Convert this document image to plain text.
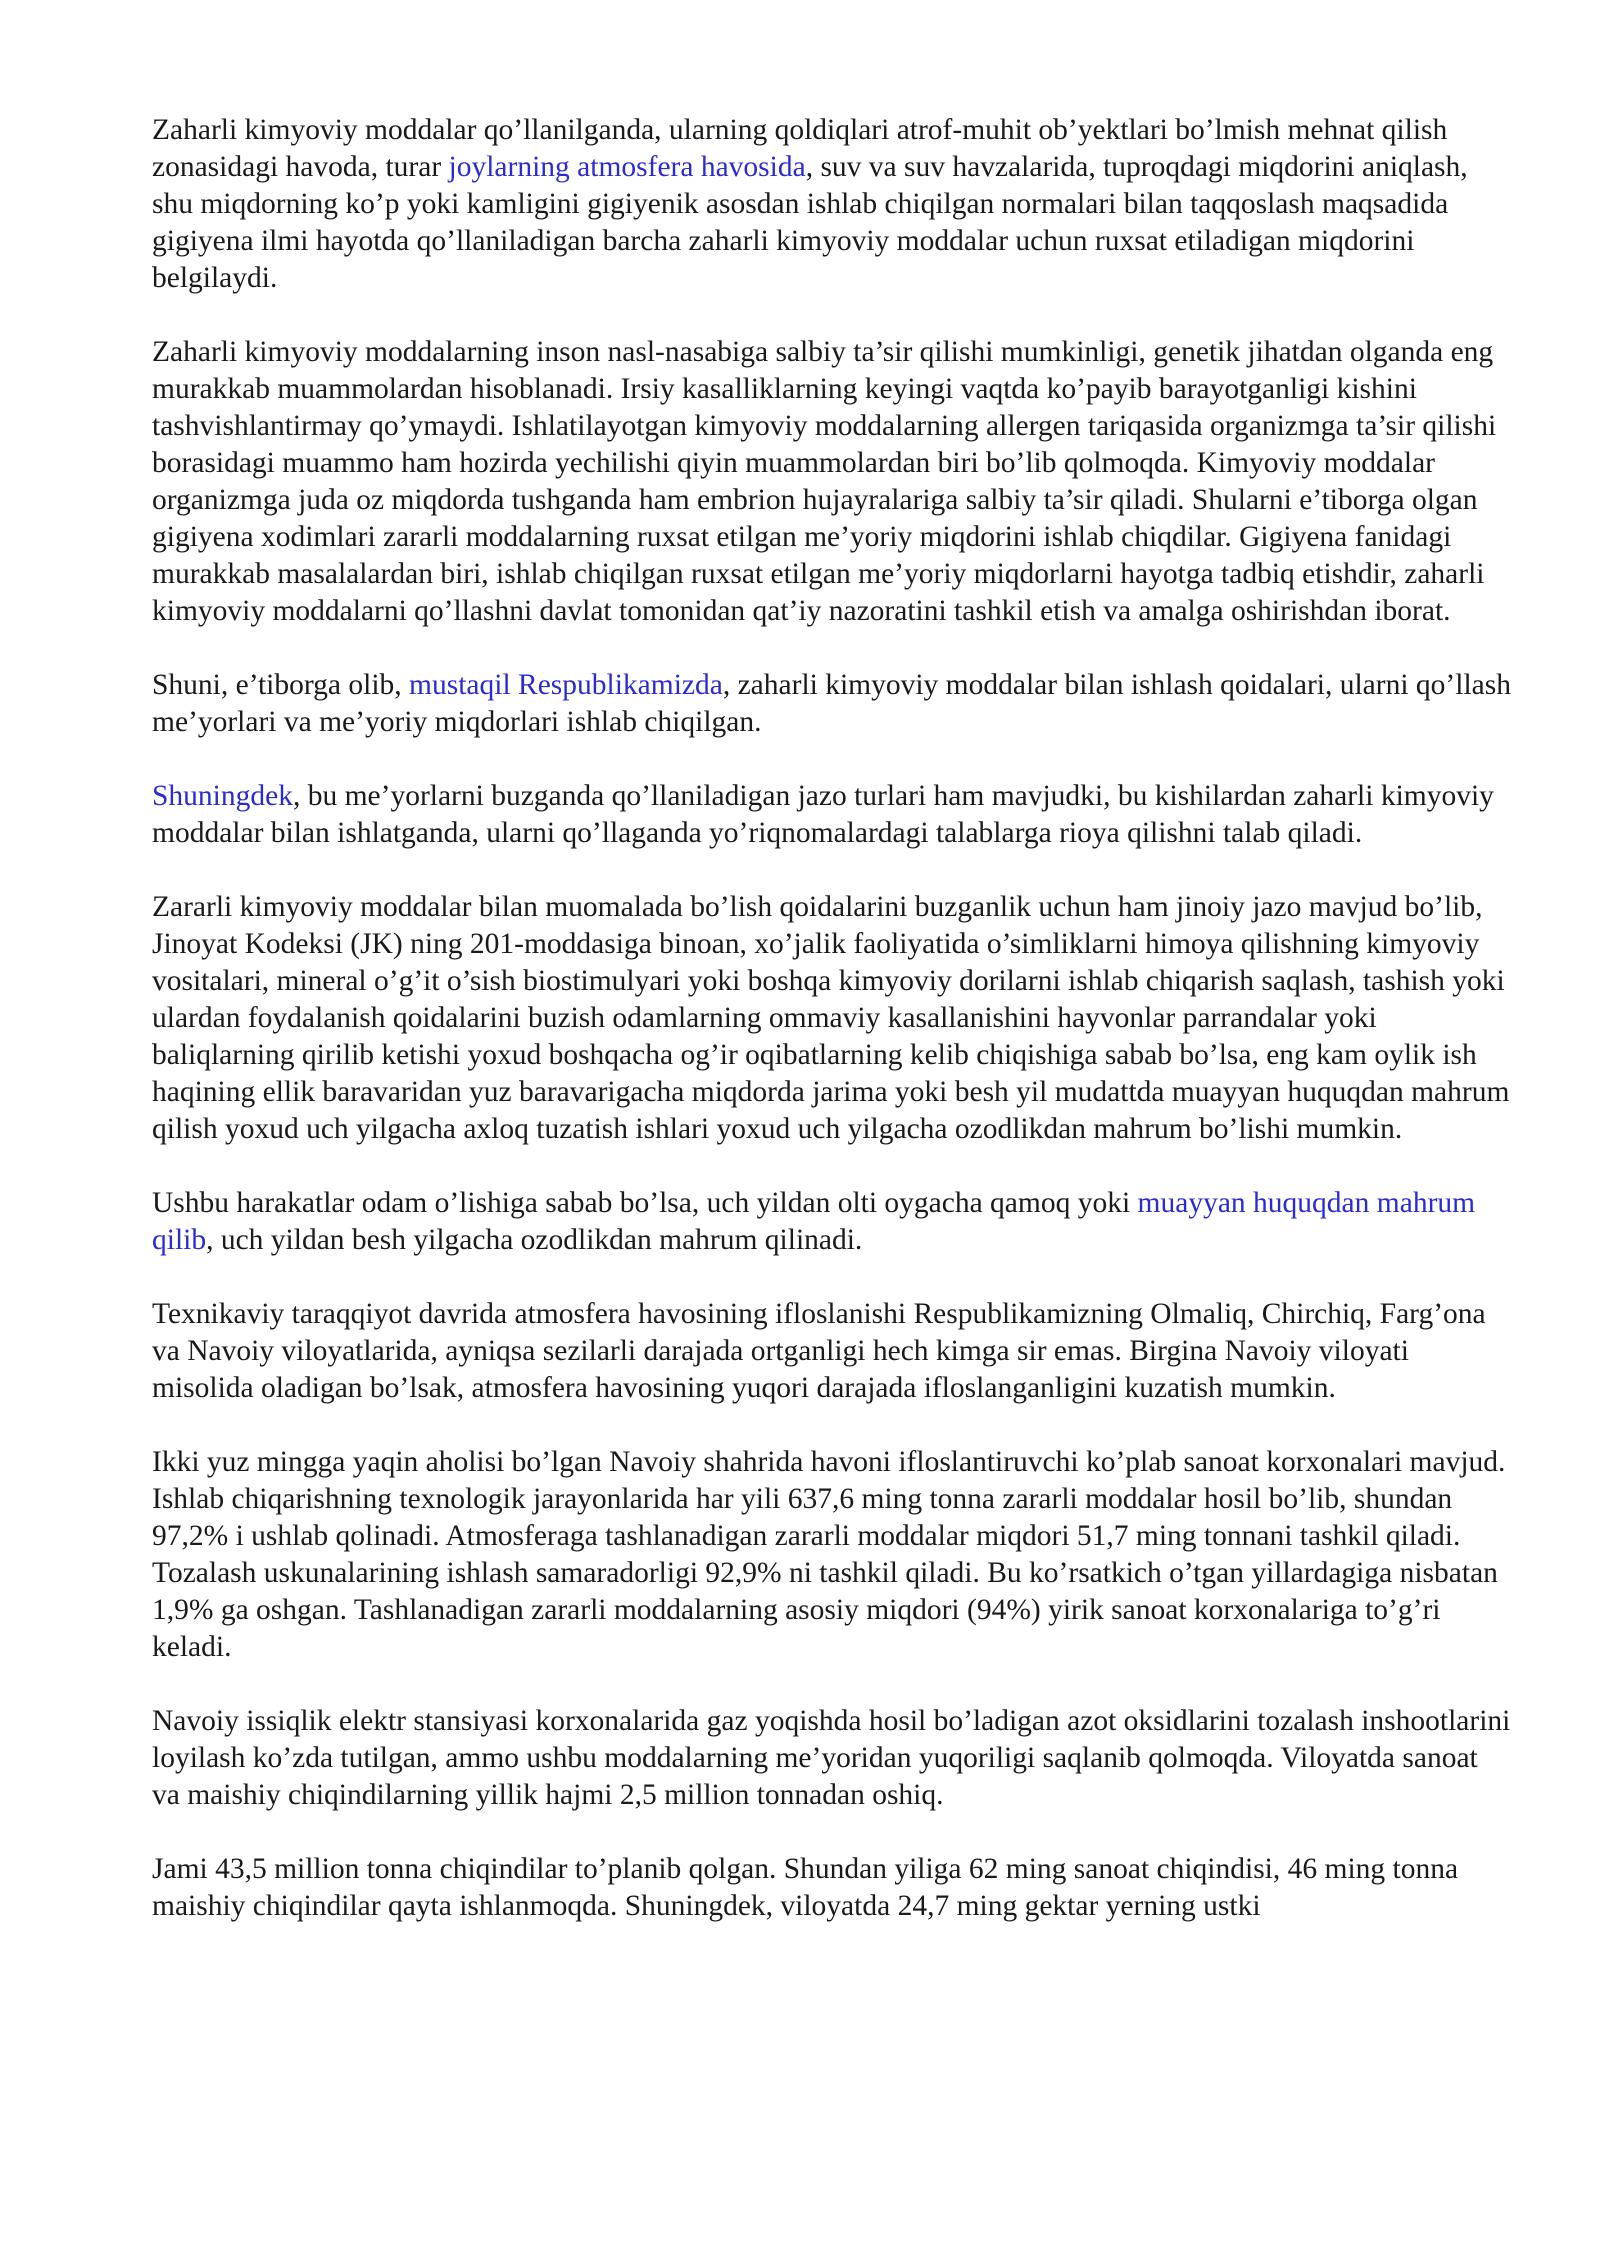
Zaharli kimyoviy moddalar qo’llanilganda, ularning qoldiqlari atrof-muhit ob’yektlari bo’lmish mehnat qilish zonasidagi havoda, turar joylarning atmosfera havosida, suv va suv havzalarida, tuproqdagi miqdorini aniqlash, shu miqdorning ko’p yoki kamligini gigiyenik asosdan ishlab chiqilgan normalari bilan taqqoslash maqsadida gigiyena ilmi hayotda qo’llaniladigan barcha zaharli kimyoviy moddalar uchun ruxsat etiladigan miqdorini belgilaydi.

Zaharli kimyoviy moddalarning inson nasl-nasabiga salbiy ta’sir qilishi mumkinligi, genetik jihatdan olganda eng murakkab muammolardan hisoblanadi. Irsiy kasalliklarning keyingi vaqtda ko’payib barayotganligi kishini tashvishlantirmay qo’ymaydi. Ishlatilayotgan kimyoviy moddalarning allergen tariqasida organizmga ta’sir qilishi borasidagi muammo ham hozirda yechilishi qiyin muammolardan biri bo’lib qolmoqda. Kimyoviy moddalar organizmga juda oz miqdorda tushganda ham embrion hujayralariga salbiy ta’sir qiladi. Shularni e’tiborga olgan gigiyena xodimlari zararli moddalarning ruxsat etilgan me’yoriy miqdorini ishlab chiqdilar. Gigiyena fanidagi murakkab masalalardan biri, ishlab chiqilgan ruxsat etilgan me’yoriy miqdorlarni hayotga tadbiq etishdir, zaharli kimyoviy moddalarni qo’llashni davlat tomonidan qat’iy nazoratini tashkil etish va amalga oshirishdan iborat.

Shuni, e’tiborga olib, mustaqil Respublikamizda, zaharli kimyoviy moddalar bilan ishlash qoidalari, ularni qo’llash me’yorlari va me’yoriy miqdorlari ishlab chiqilgan.

Shuningdek, bu me’yorlarni buzganda qo’llaniladigan jazo turlari ham mavjudki, bu kishilardan zaharli kimyoviy moddalar bilan ishlatganda, ularni qo’llaganda yo’riqnomalardagi talablarga rioya qilishni talab qiladi.

Zararli kimyoviy moddalar bilan muomalada bo’lish qoidalarini buzganlik uchun ham jinoiy jazo mavjud bo’lib, Jinoyat Kodeksi (JK) ning 201-moddasiga binoan, xo’jalik faoliyatida o’simliklarni himoya qilishning kimyoviy vositalari, mineral o’g’it o’sish biostimulyari yoki boshqa kimyoviy dorilarni ishlab chiqarish saqlash, tashish yoki ulardan foydalanish qoidalarini buzish odamlarning ommaviy kasallanishini hayvonlar parrandalar yoki baliqlarning qirilib ketishi yoxud boshqacha og’ir oqibatlarning kelib chiqishiga sabab bo’lsa, eng kam oylik ish haqining ellik baravaridan yuz baravarigacha miqdorda jarima yoki besh yil mudattda muayyan huquqdan mahrum qilish yoxud uch yilgacha axloq tuzatish ishlari yoxud uch yilgacha ozodlikdan mahrum bo’lishi mumkin.

Ushbu harakatlar odam o’lishiga sabab bo’lsa, uch yildan olti oygacha qamoq yoki muayyan huquqdan mahrum qilib, uch yildan besh yilgacha ozodlikdan mahrum qilinadi.

Texnikaviy taraqqiyot davrida atmosfera havosining ifloslanishi Respublikamizning Olmaliq, Chirchiq, Farg’ona va Navoiy viloyatlarida, ayniqsa sezilarli darajada ortganligi hech kimga sir emas. Birgina Navoiy viloyati misolida oladigan bo’lsak, atmosfera havosining yuqori darajada ifloslanganligini kuzatish mumkin.

Ikki yuz mingga yaqin aholisi bo’lgan Navoiy shahrida havoni ifloslantiruvchi ko’plab sanoat korxonalari mavjud. Ishlab chiqarishning texnologik jarayonlarida har yili 637,6 ming tonna zararli moddalar hosil bo’lib, shundan 97,2% i ushlab qolinadi. Atmosferaga tashlanadigan zararli moddalar miqdori 51,7 ming tonnani tashkil qiladi. Tozalash uskunalarining ishlash samaradorligi 92,9% ni tashkil qiladi. Bu ko’rsatkich o’tgan yillardagiga nisbatan 1,9% ga oshgan. Tashlanadigan zararli moddalarning asosiy miqdori (94%) yirik sanoat korxonalariga to’g’ri keladi.

Navoiy issiqlik elektr stansiyasi korxonalarida gaz yoqishda hosil bo’ladigan azot oksidlarini tozalash inshootlarini loyilash ko’zda tutilgan, ammo ushbu moddalarning me’yoridan yuqoriligi saqlanib qolmoqda. Viloyatda sanoat va maishiy chiqindilarning yillik hajmi 2,5 million tonnadan oshiq.

Jami 43,5 million tonna chiqindilar to’planib qolgan. Shundan yiliga 62 ming sanoat chiqindisi, 46 ming tonna maishiy chiqindilar qayta ishlanmoqda. Shuningdek, viloyatda 24,7 ming gektar yerning ustki
